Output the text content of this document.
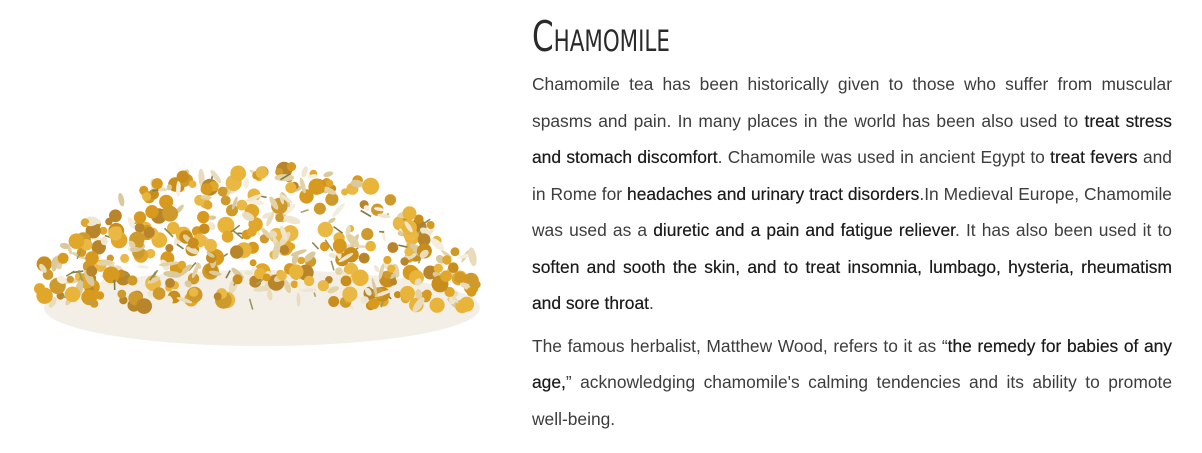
Chamomile

Chamomile tea has been historically given to those who suffer from muscular spasms and pain. In many places in the world has been also used to treat stress and stomach discomfort. Chamomile was used in ancient Egypt to treat fevers and in Rome for headaches and urinary tract disorders.In Medieval Europe, Chamomile was used as a diuretic and a pain and fatigue reliever. It has also been used it to soften and sooth the skin, and to treat insomnia, lumbago, hysteria, rheumatism and sore throat.

The famous herbalist, Matthew Wood, refers to it as “the remedy for babies of any age,” acknowledging chamomile's calming tendencies and its ability to promote well-being.
